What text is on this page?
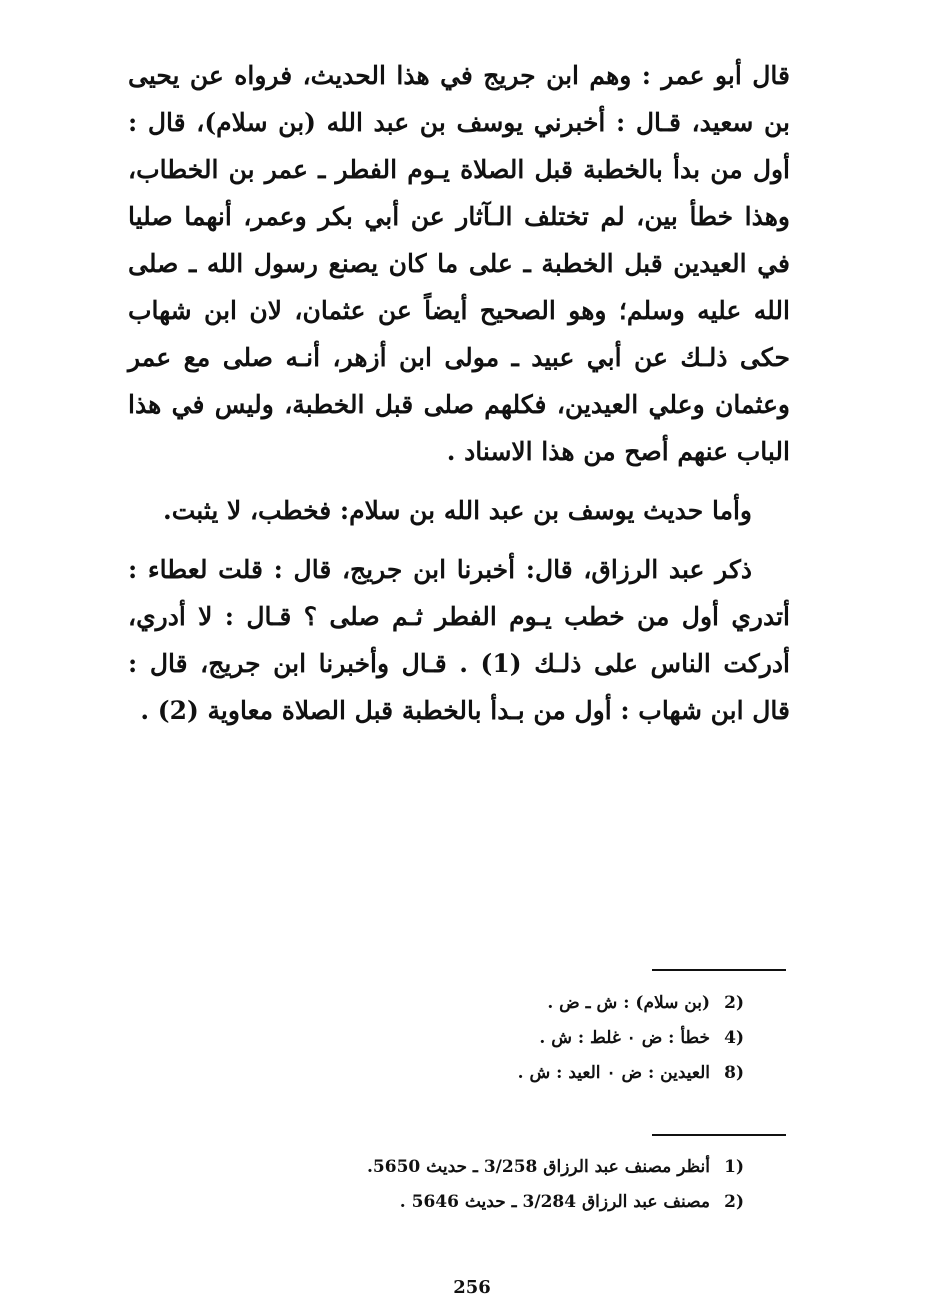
قال أبو عمر : وهم ابن جريج في هذا الحديث، فرواه عن يحيى بن سعيد، قـال : أخبرني يوسف بن عبد الله (بن سلام)، قال : أول من بدأ بالخطبة قبل الصلاة يـوم الفطر ـ عمر بن الخطاب، وهذا خطأ بين، لم تختلف الـآثار عن أبي بكر وعمر، أنهما صليا في العيدين قبل الخطبة ـ على ما كان يصنع رسول الله ـ صلى الله عليه وسلم؛ وهو الصحيح أيضاً عن عثمان، لان ابن شهاب حكى ذلـك عن أبي عبيد ـ مولى ابن أزهر، أنـه صلى مع عمر وعثمان وعلي العيدين، فكلهم صلى قبل الخطبة، وليس في هذا الباب عنهم أصح من هذا الاسناد .

وأما حديث يوسف بن عبد الله بن سلام: فخطب، لا يثبت.

ذكر عبد الرزاق، قال: أخبرنا ابن جريج، قال : قلت لعطاء : أتدري أول من خطب يـوم الفطر ثـم صلى ؟ قـال : لا أدري، أدركت الناس على ذلـك (1) . قـال وأخبرنا ابن جريج، قال : قال ابن شهاب : أول من بـدأ بالخطبة قبل الصلاة معاوية (2) .

2)(بن سلام) : ش ـ ض .
4)خطأ : ض ٠ غلط : ش .
8)العيدين : ض ٠ العيد : ش .
1)أنظر مصنف عبد الرزاق 3/258 ـ حديث 5650.
2)مصنف عبد الرزاق 3/284 ـ حديث 5646 .
256
